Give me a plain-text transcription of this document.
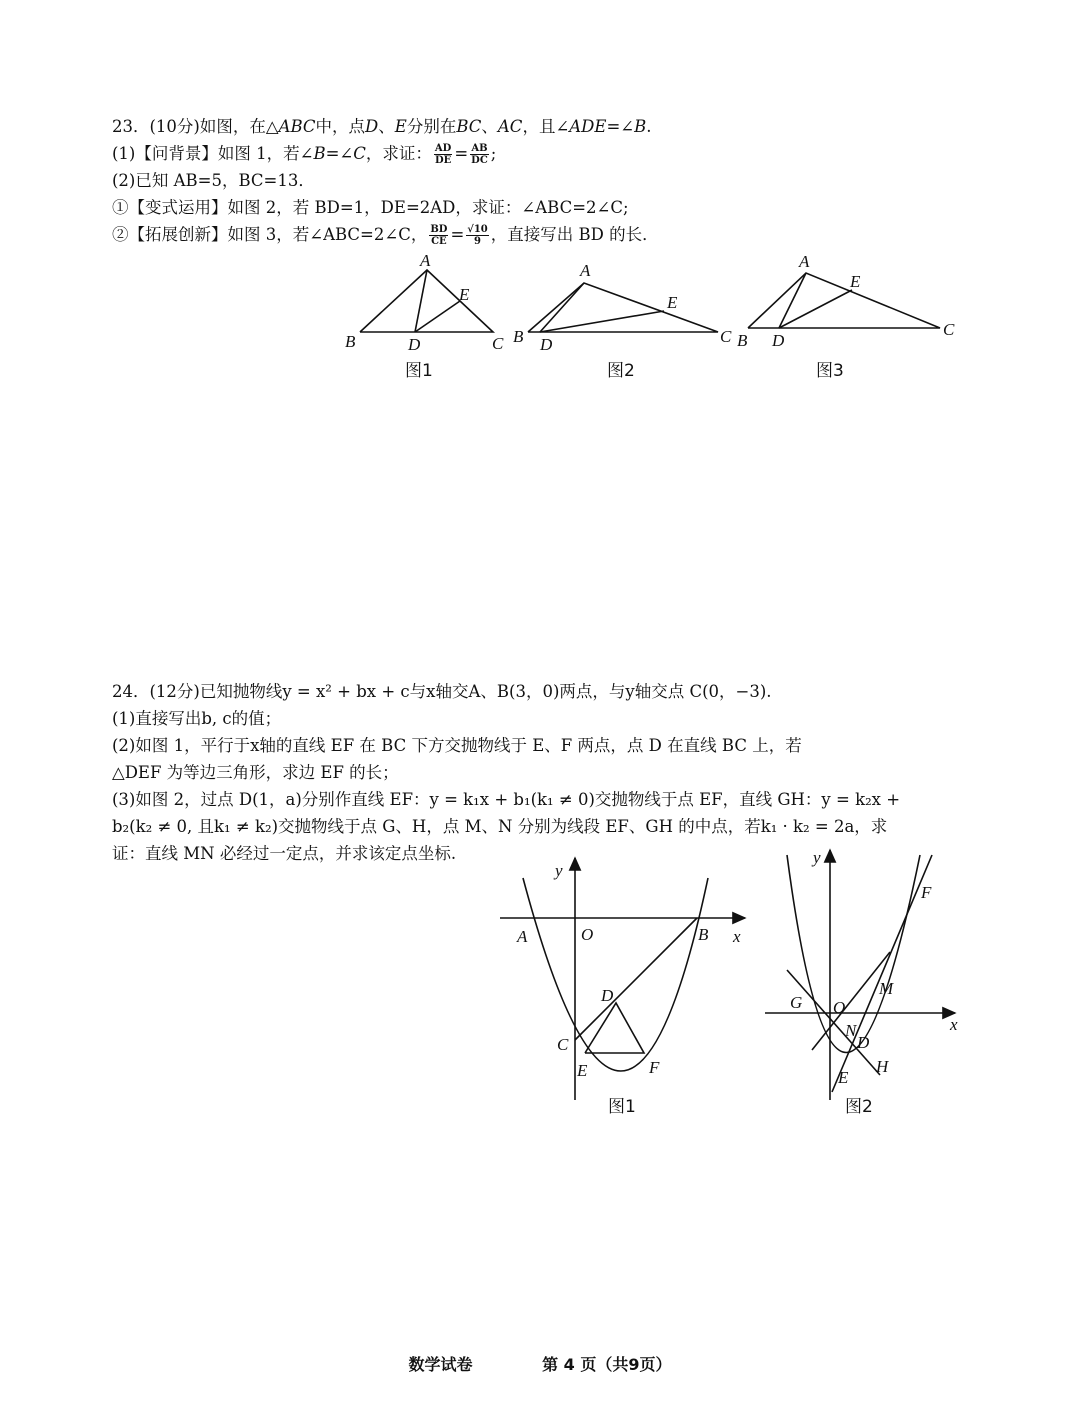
23．(10分)如图，在△ABC中，点D、E分别在BC、AC，且∠ADE=∠B.

(1)【问背景】如图 1，若∠B=∠C，求证： $\frac{AD}{DE} = \frac{AB}{DC}$ ;

(2)已知 AB=5，BC=13．

①【变式运用】如图 2，若 BD=1，DE=2AD，求证：∠ABC=2∠C;

②【拓展创新】如图 3，若∠ABC=2∠C， $\frac{BD}{CE} = \frac{√10}{9}$ ，直接写出 BD 的长．

A
E
B	D	C
图1
A
E
B D	C
图2
A
E
B D
C
图3

24．(12分)已知抛物线y = x² + bx + c与x轴交A、B(3，0)两点，与y轴交点 C(0，−3).

(1)直接写出b, c的值；

(2)如图 1，平行于x轴的直线 EF 在 BC 下方交抛物线于 E、F 两点，点 D 在直线 BC 上，若

△DEF 为等边三角形，求边 EF 的长；

(3)如图 2，过点 D(1，a)分别作直线 EF：y = k₁x + b₁(k₁ ≠ 0)交抛物线于点 EF，直线 GH：y = k₂x +

b₂(k₂ ≠ 0, 且k₁ ≠ k₂)交抛物线于点 G、H，点 M、N 分别为线段 EF、GH 的中点，若k₁ · k₂ = 2a，求

证：直线 MN 必经过一定点，并求该定点坐标.

y
A	O	B x
D
C
E	F
图1
y
F
M
G O
x
N
D
E
H
图2
数学试卷	第 4 页（共9页）
